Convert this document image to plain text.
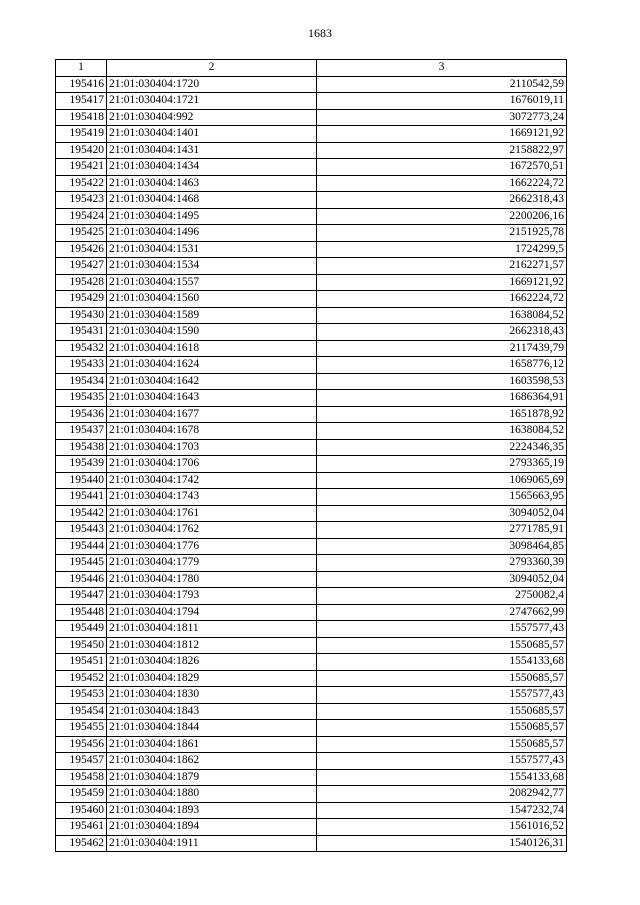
1683
1	2	3
195416	21:01:030404:1720	2110542,59
195417	21:01:030404:1721	1676019,11
195418	21:01:030404:992	3072773,24
195419	21:01:030404:1401	1669121,92
195420	21:01:030404:1431	2158822,97
195421	21:01:030404:1434	1672570,51
195422	21:01:030404:1463	1662224,72
195423	21:01:030404:1468	2662318,43
195424	21:01:030404:1495	2200206,16
195425	21:01:030404:1496	2151925,78
195426	21:01:030404:1531	1724299,5
195427	21:01:030404:1534	2162271,57
195428	21:01:030404:1557	1669121,92
195429	21:01:030404:1560	1662224,72
195430	21:01:030404:1589	1638084,52
195431	21:01:030404:1590	2662318,43
195432	21:01:030404:1618	2117439,79
195433	21:01:030404:1624	1658776,12
195434	21:01:030404:1642	1603598,53
195435	21:01:030404:1643	1686364,91
195436	21:01:030404:1677	1651878,92
195437	21:01:030404:1678	1638084,52
195438	21:01:030404:1703	2224346,35
195439	21:01:030404:1706	2793365,19
195440	21:01:030404:1742	1069065,69
195441	21:01:030404:1743	1565663,95
195442	21:01:030404:1761	3094052,04
195443	21:01:030404:1762	2771785,91
195444	21:01:030404:1776	3098464,85
195445	21:01:030404:1779	2793360,39
195446	21:01:030404:1780	3094052,04
195447	21:01:030404:1793	2750082,4
195448	21:01:030404:1794	2747662,99
195449	21:01:030404:1811	1557577,43
195450	21:01:030404:1812	1550685,57
195451	21:01:030404:1826	1554133,68
195452	21:01:030404:1829	1550685,57
195453	21:01:030404:1830	1557577,43
195454	21:01:030404:1843	1550685,57
195455	21:01:030404:1844	1550685,57
195456	21:01:030404:1861	1550685,57
195457	21:01:030404:1862	1557577,43
195458	21:01:030404:1879	1554133,68
195459	21:01:030404:1880	2082942,77
195460	21:01:030404:1893	1547232,74
195461	21:01:030404:1894	1561016,52
195462	21:01:030404:1911	1540126,31
